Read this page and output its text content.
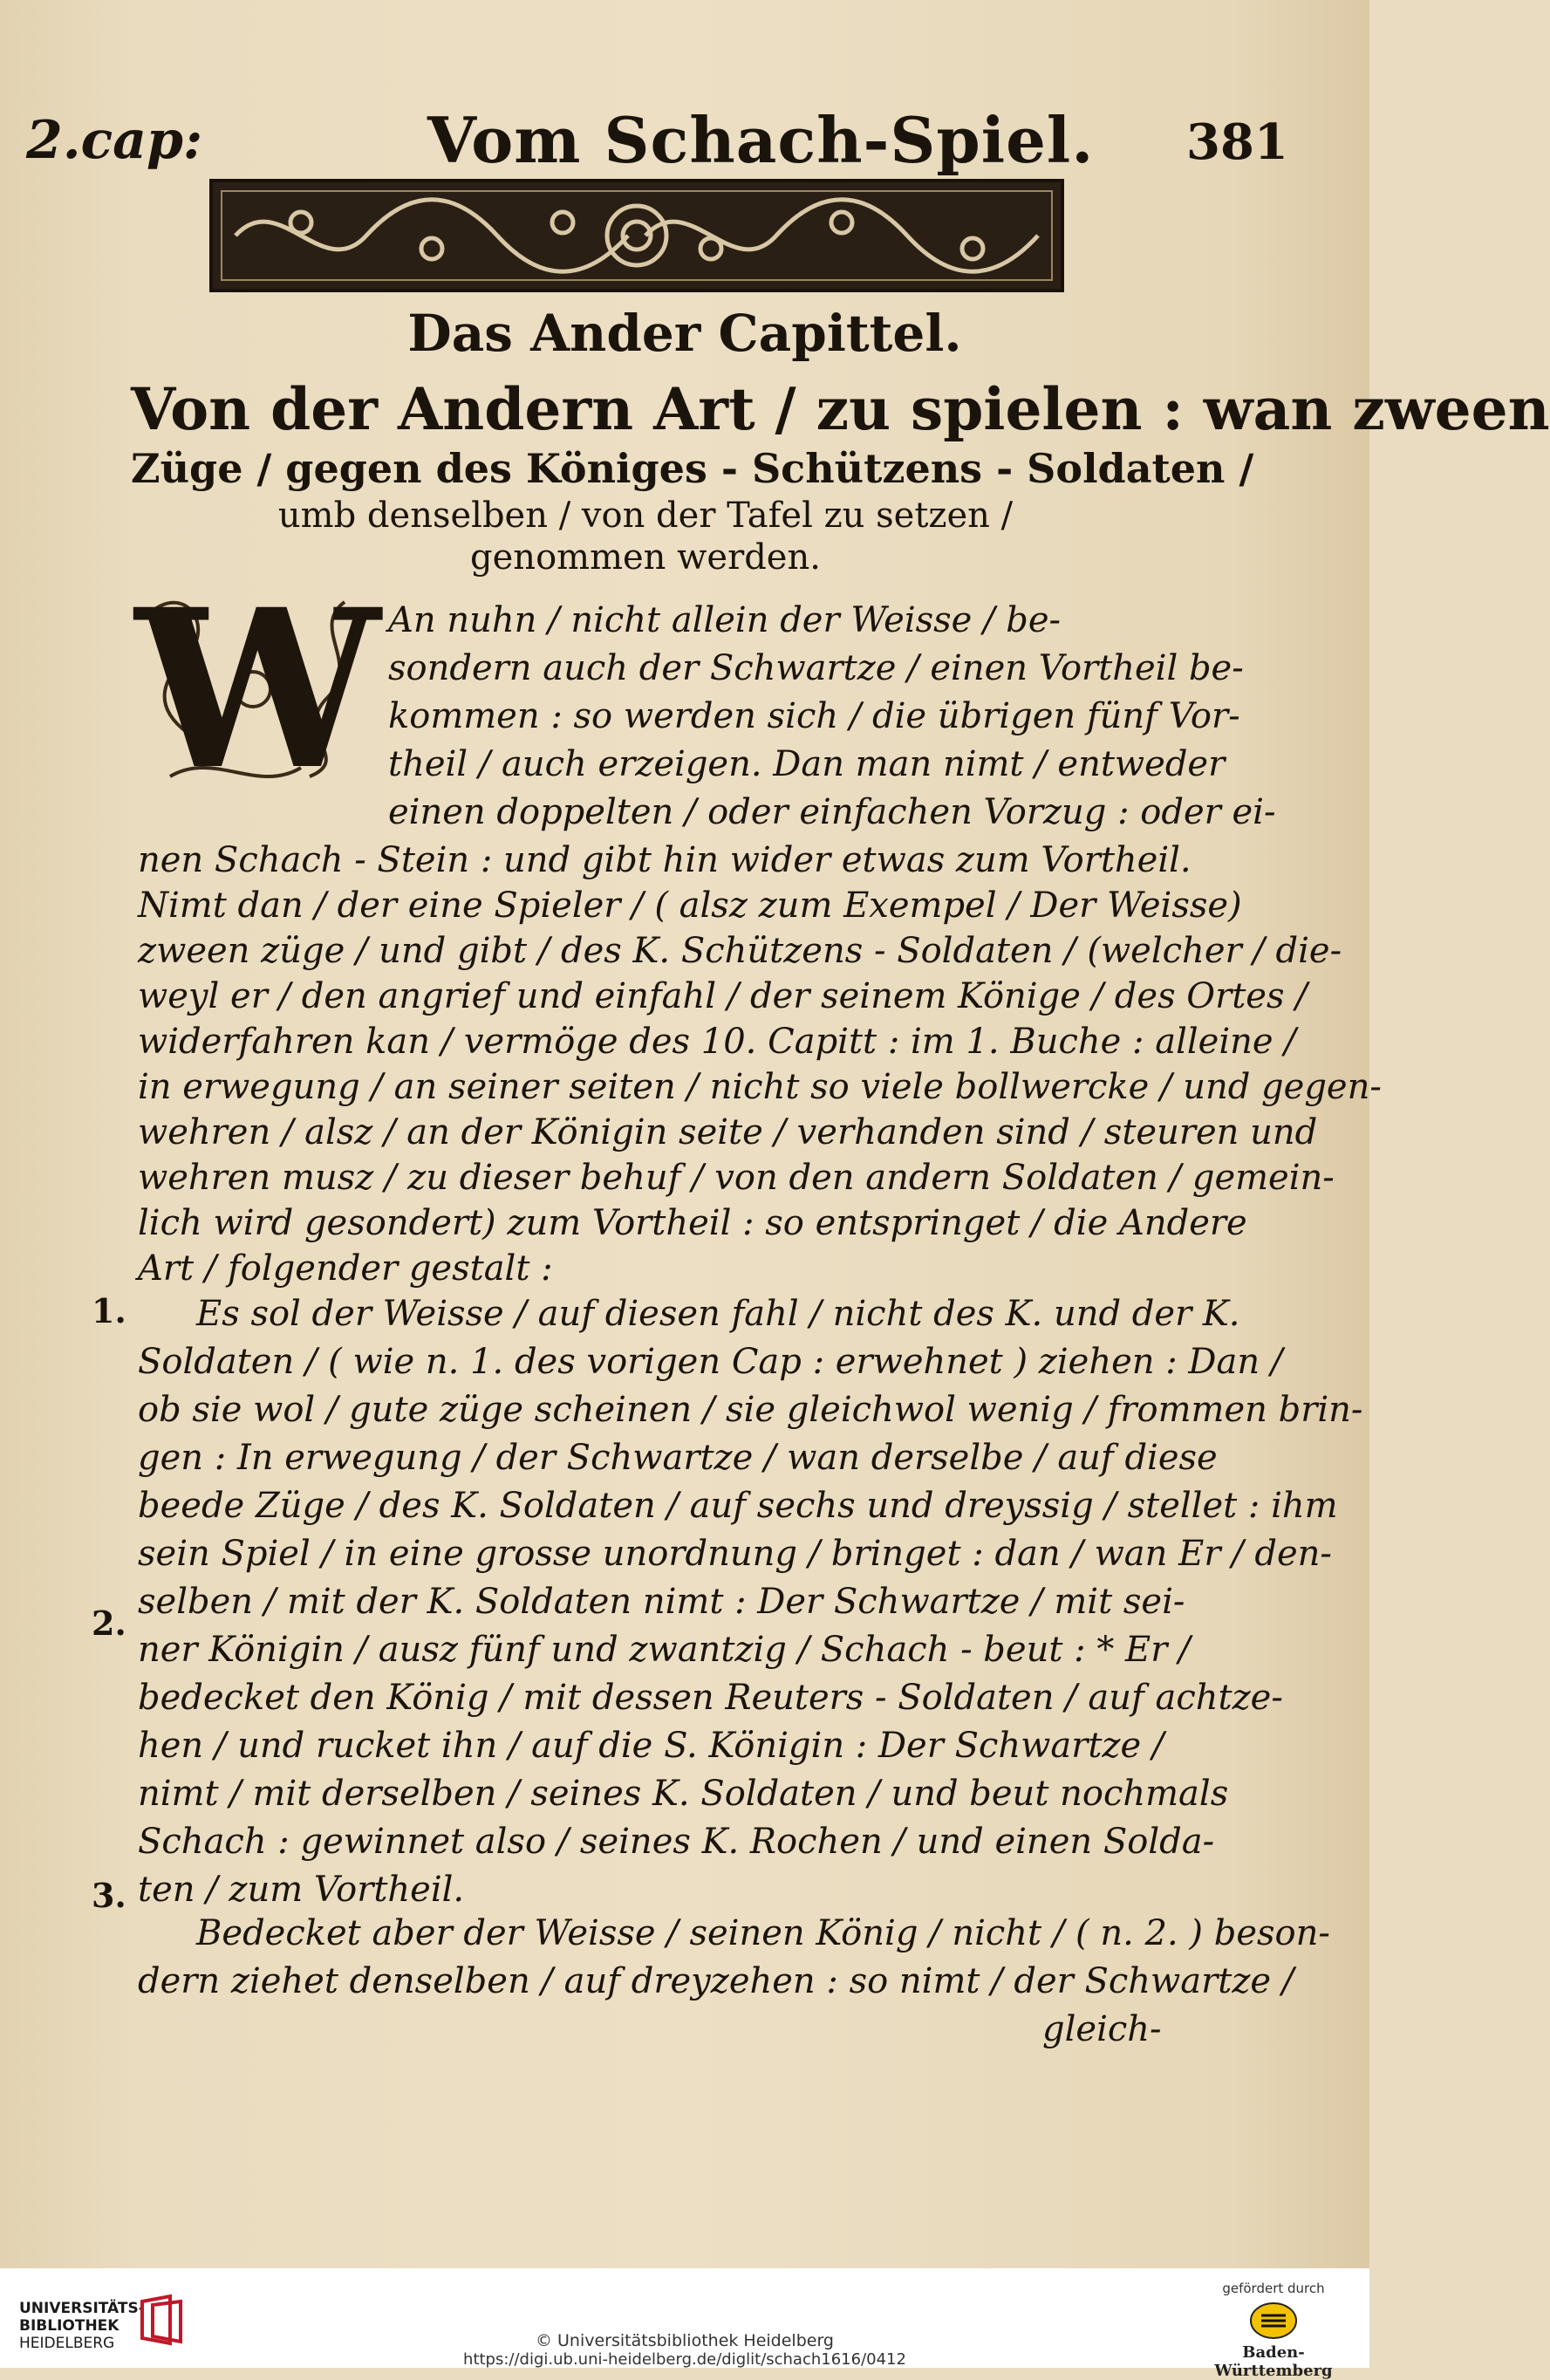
2.cap:	Vom Schach-Spiel. 381
Das Ander Capittel.
Von der Andern Art / zu spielen : wan zween
Züge / gegen des Königes - Schützens - Soldaten /
umb denselben / von der Tafel zu setzen /
genommen werden.
W An nuhn / nicht allein der Weisse / be-
sondern auch der Schwartze / einen Vortheil be-
kommen : so werden sich / die übrigen fünf Vor-
theil / auch erzeigen. Dan man nimt / entweder
einen doppelten / oder einfachen Vorzug : oder ei-
nen Schach - Stein : und gibt hin wider etwas zum Vortheil.
Nimt dan / der eine Spieler / ( alsz zum Exempel / Der Weisse)
zween züge / und gibt / des K. Schützens - Soldaten / (welcher / die-
weyl er / den angrief und einfahl / der seinem Könige / des Ortes /
widerfahren kan / vermöge des 10. Capitt : im 1. Buche : alleine /
in erwegung / an seiner seiten / nicht so viele bollwercke / und gegen-
wehren / alsz / an der Königin seite / verhanden sind / steuren und
wehren musz / zu dieser behuf / von den andern Soldaten / gemein-
lich wird gesondert) zum Vortheil : so entspringet / die Andere
Art / folgender gestalt :
1. Es sol der Weisse / auf diesen fahl / nicht des K. und der K.
Soldaten / ( wie n. 1. des vorigen Cap : erwehnet ) ziehen : Dan /
ob sie wol / gute züge scheinen / sie gleichwol wenig / frommen brin-
gen : In erwegung / der Schwartze / wan derselbe / auf diese
beede Züge / des K. Soldaten / auf sechs und dreyssig / stellet : ihm
sein Spiel / in eine grosse unordnung / bringet : dan / wan Er / den-
selben / mit der K. Soldaten nimt : Der Schwartze / mit sei-
2.
ner Königin / ausz fünf und zwantzig / Schach - beut : * Er /
bedecket den König / mit dessen Reuters - Soldaten / auf achtze-
hen / und rucket ihn / auf die S. Königin : Der Schwartze /
nimt / mit derselben / seines K. Soldaten / und beut nochmals
Schach : gewinnet also / seines K. Rochen / und einen Solda-
ten / zum Vortheil.
3.
Bedecket aber der Weisse / seinen König / nicht / ( n. 2. ) beson-
dern ziehet denselben / auf dreyzehen : so nimt / der Schwartze /
gleich-
UNIVERSITÄTS-
BIBLIOTHEK
HEIDELBERG	© Universitätsbibliothek Heidelberg
https://digi.ub.uni-heidelberg.de/diglit/schach1616/0412
gefördert durch
Baden-Württemberg
